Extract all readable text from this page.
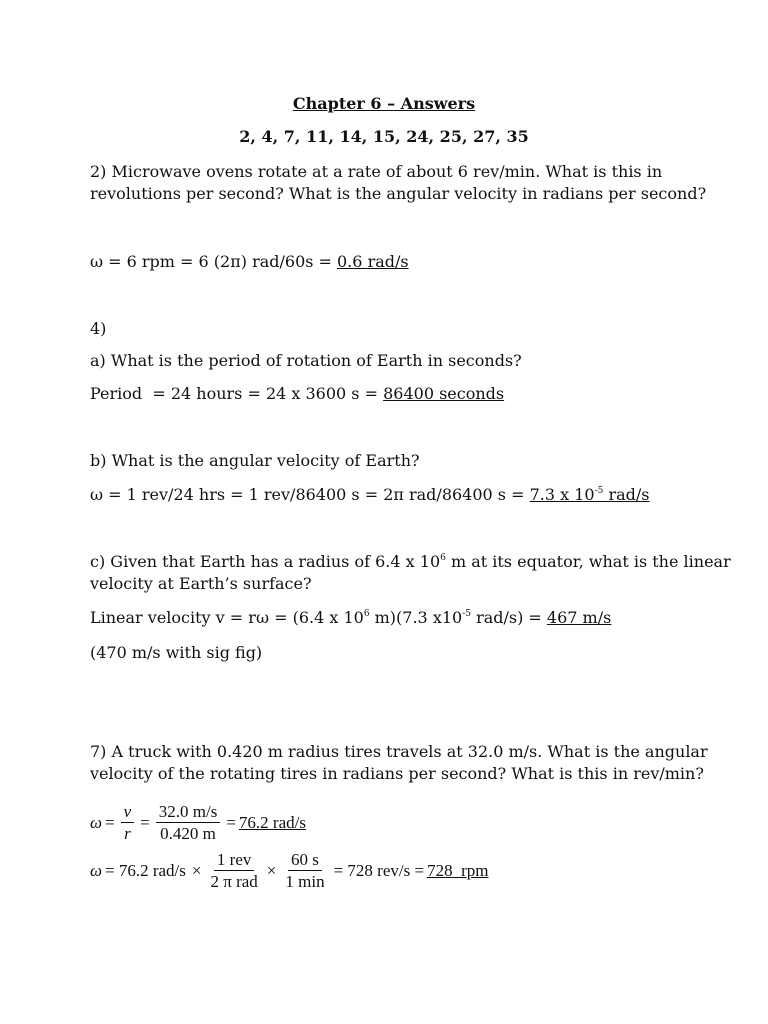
Chapter 6 – Answers

2, 4, 7, 11, 14, 15, 24, 25, 27, 35

2) Microwave ovens rotate at a rate of about 6 rev/min. What is this in

revolutions per second? What is the angular velocity in radians per second?

ω = 6 rpm = 6 (2π) rad/60s = 0.6 rad/s

4)

a) What is the period of rotation of Earth in seconds?

Period  = 24 hours = 24 x 3600 s = 86400 seconds

b) What is the angular velocity of Earth?

ω = 1 rev/24 hrs = 1 rev/86400 s = 2π rad/86400 s = 7.3 x $10^{-5}$ rad/s

c) Given that Earth has a radius of 6.4 x $10^6$ m at its equator, what is the linear

velocity at Earth’s surface?

Linear velocity v = rω = (6.4 x $10^6$ m)(7.3 $x10^{-5}$ rad/s) = 467 m/s

(470 m/s with sig fig)

7) A truck with 0.420 m radius tires travels at 32.0 m/s. What is the angular

velocity of the rotating tires in radians per second? What is this in rev/min?

$\omega = \frac{v}{r} = \frac{32.0 m/s}{0.420 m} = 76.2$ rad/s
ω = 76.2 $rad/s \times \frac{\text{1 rev}}{\text{2 π rad}} \times \frac{60 s}{1 \min} = 728$ rev/s = 728  rpm
